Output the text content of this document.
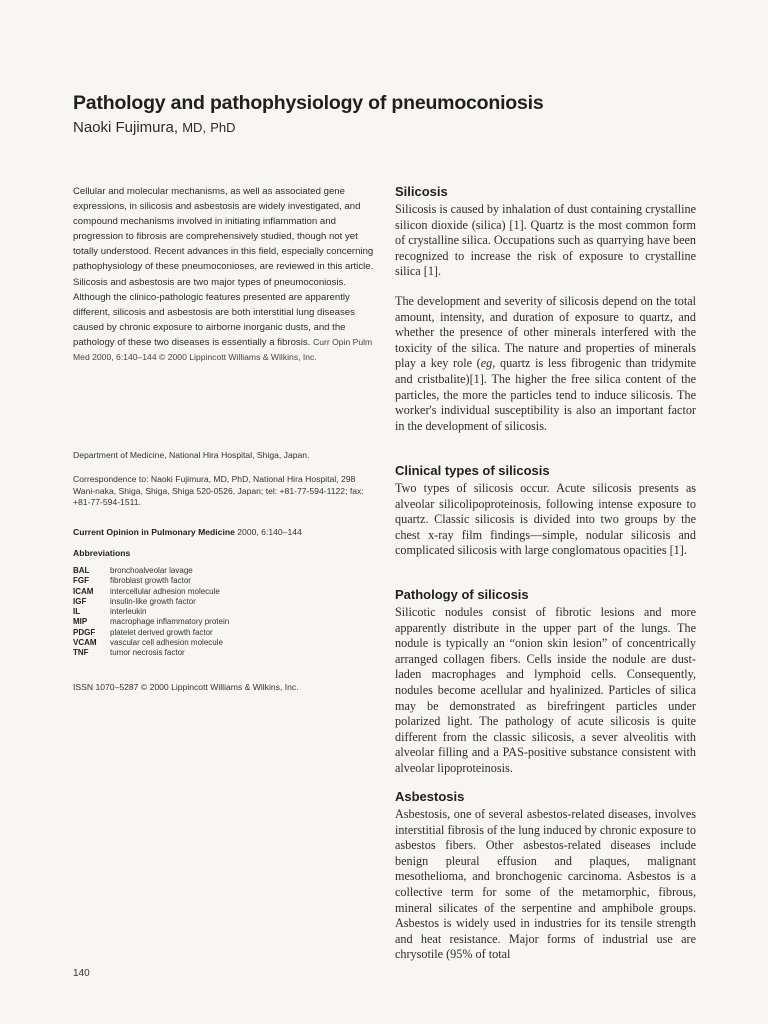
Pathology and pathophysiology of pneumoconiosis
Naoki Fujimura, MD, PhD

Cellular and molecular mechanisms, as well as associated gene expressions, in silicosis and asbestosis are widely investigated, and compound mechanisms involved in initiating inflammation and progression to fibrosis are comprehensively studied, though not yet totally understood. Recent advances in this field, especially concerning pathophysiology of these pneumoconioses, are reviewed in this article.

Silicosis and asbestosis are two major types of pneumoconiosis. Although the clinico-pathologic features presented are apparently different, silicosis and asbestosis are both interstitial lung diseases caused by chronic exposure to airborne inorganic dusts, and the pathology of these two diseases is essentially a fibrosis. Curr Opin Pulm Med 2000, 6:140–144 © 2000 Lippincott Williams & Wilkins, Inc.

Department of Medicine, National Hira Hospital, Shiga, Japan.

Correspondence to: Naoki Fujimura, MD, PhD, National Hira Hospital, 298 Wani-naka, Shiga, Shiga, Shiga 520-0526, Japan; tel: +81-77-594-1122; fax: +81-77-594-1511.

Current Opinion in Pulmonary Medicine 2000, 6:140–144

Abbreviations

BAL	bronchoalveolar lavage
FGF	fibroblast growth factor
ICAM	intercellular adhesion molecule
IGF	insulin-like growth factor
IL	interleukin
MIP	macrophage inflammatory protein
PDGF	platelet derived growth factor
VCAM	vascular cell adhesion molecule
TNF	tumor necrosis factor

ISSN 1070–5287 © 2000 Lippincott Williams & Wilkins, Inc.

Silicosis

Silicosis is caused by inhalation of dust containing crystalline silicon dioxide (silica) [1]. Quartz is the most common form of crystalline silica. Occupations such as quarrying have been recognized to increase the risk of exposure to crystalline silica [1].

The development and severity of silicosis depend on the total amount, intensity, and duration of exposure to quartz, and whether the presence of other minerals interfered with the toxicity of the silica. The nature and properties of minerals play a key role (eg, quartz is less fibrogenic than tridymite and cristbalite)[1]. The higher the free silica content of the particles, the more the particles tend to induce silicosis. The worker's individual susceptibility is also an important factor in the development of silicosis.

Clinical types of silicosis

Two types of silicosis occur. Acute silicosis presents as alveolar silicolipoproteinosis, following intense exposure to quartz. Classic silicosis is divided into two groups by the chest x-ray film findings—simple, nodular silicosis and complicated silicosis with large conglomatous opacities [1].

Pathology of silicosis

Silicotic nodules consist of fibrotic lesions and more apparently distribute in the upper part of the lungs. The nodule is typically an “onion skin lesion” of concentrically arranged collagen fibers. Cells inside the nodule are dust-laden macrophages and lymphoid cells. Consequently, nodules become acellular and hyalinized. Particles of silica may be demonstrated as birefringent particles under polarized light. The pathology of acute silicosis is quite different from the classic silicosis, a sever alveolitis with alveolar filling and a PAS-positive substance consistent with alveolar lipoproteinosis.

Asbestosis

Asbestosis, one of several asbestos-related diseases, involves interstitial fibrosis of the lung induced by chronic exposure to asbestos fibers. Other asbestos-related diseases include benign pleural effusion and plaques, malignant mesothelioma, and bronchogenic carcinoma. Asbestos is a collective term for some of the metamorphic, fibrous, mineral silicates of the serpentine and amphibole groups. Asbestos is widely used in industries for its tensile strength and heat resistance. Major forms of industrial use are chrysotile (95% of total

140
